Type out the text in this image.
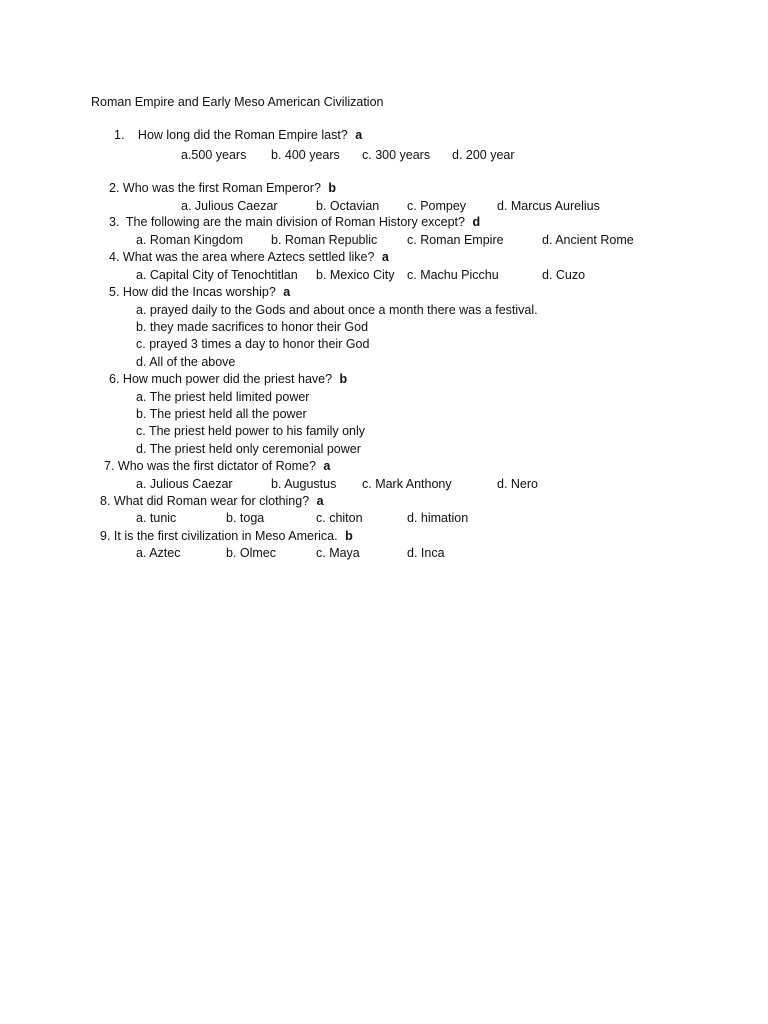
Roman Empire and Early Meso American Civilization
1. How long did the Roman Empire last? a
a.500 years b. 400 years c. 300 years d. 200 year
2. Who was the first Roman Emperor? b
a. Julious Caezar	b. Octavian c. Pompey d. Marcus Aurelius
3. The following are the main division of Roman History except? d
a. Roman Kingdom b. Roman Republic c. Roman Empire	d. Ancient Rome
4. What was the area where Aztecs settled like? a
a. Capital City of Tenochtitlan b. Mexico City c. Machu Picchu	d. Cuzo
5. How did the Incas worship? a
a. prayed daily to the Gods and about once a month there was a festival.
b. they made sacrifices to honor their God
c. prayed 3 times a day to honor their God
d. All of the above
6. How much power did the priest have? b
a. The priest held limited power
b. The priest held all the power
c. The priest held power to his family only
d. The priest held only ceremonial power
7. Who was the first dictator of Rome? a
a. Julious Caezar	b. Augustus c. Mark Anthony	d. Nero
8. What did Roman wear for clothing? a
a. tunic	b. toga	c. chiton	d. himation
9. It is the first civilization in Meso America. b
a. Aztec	b. Olmec	c. Maya	d. Inca
